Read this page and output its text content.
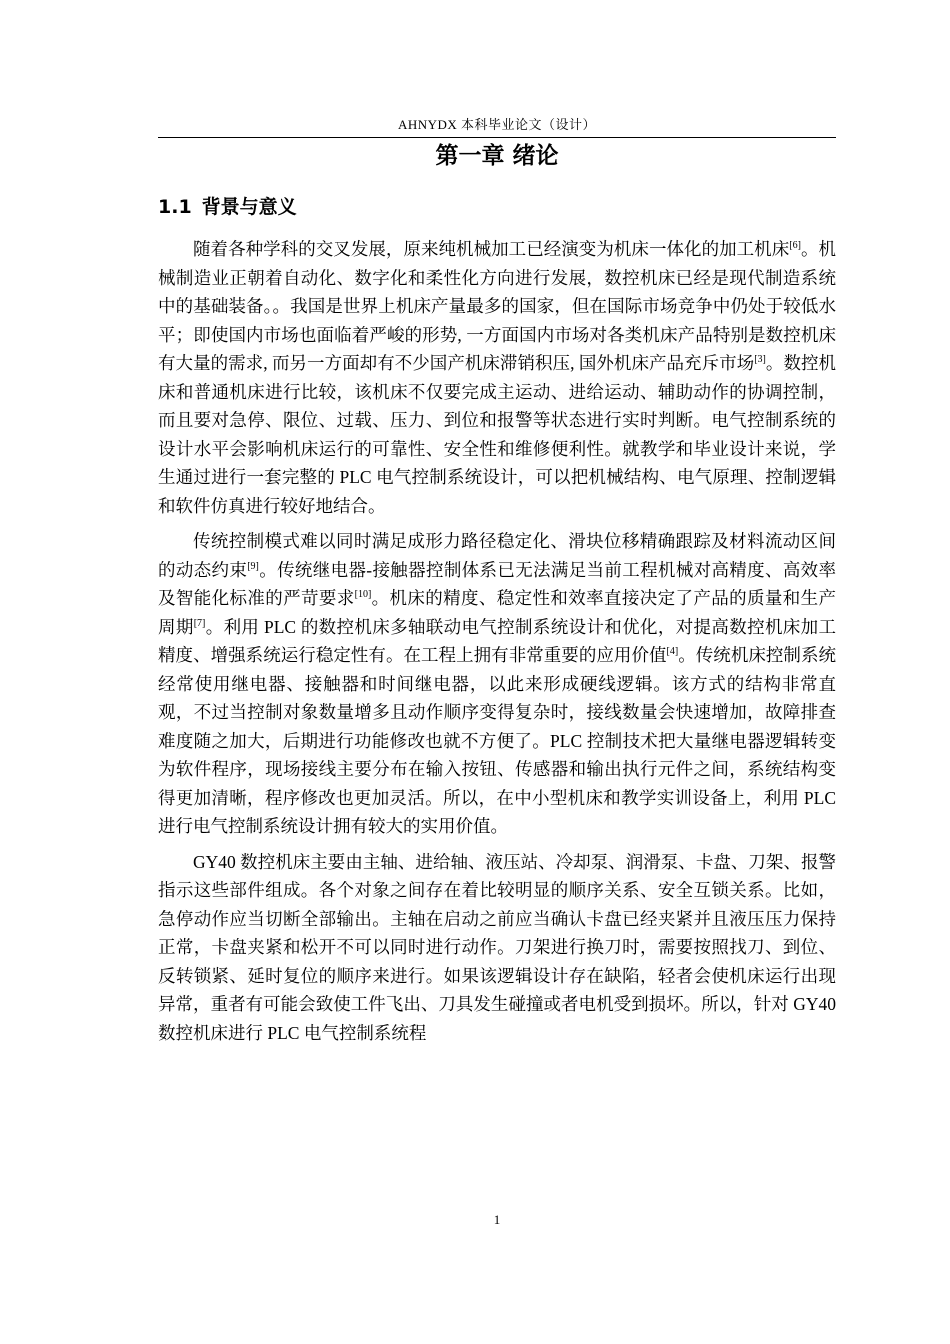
AHNYDX 本科毕业论文（设计）
第一章 绪论
1.1 背景与意义

随着各种学科的交叉发展，原来纯机械加工已经演变为机床一体化的加工机床[6]。机械制造业正朝着自动化、数字化和柔性化方向进行发展，数控机床已经是现代制造系统中的基础装备。。我国是世界上机床产量最多的国家，但在国际市场竞争中仍处于较低水平；即使国内市场也面临着严峻的形势, 一方面国内市场对各类机床产品特别是数控机床有大量的需求, 而另一方面却有不少国产机床滞销积压, 国外机床产品充斥市场[3]。数控机床和普通机床进行比较，该机床不仅要完成主运动、进给运动、辅助动作的协调控制，而且要对急停、限位、过载、压力、到位和报警等状态进行实时判断。电气控制系统的设计水平会影响机床运行的可靠性、安全性和维修便利性。就教学和毕业设计来说，学生通过进行一套完整的 PLC 电气控制系统设计，可以把机械结构、电气原理、控制逻辑和软件仿真进行较好地结合。

传统控制模式难以同时满足成形力路径稳定化、滑块位移精确跟踪及材料流动区间的动态约束[9]。传统继电器-接触器控制体系已无法满足当前工程机械对高精度、高效率及智能化标准的严苛要求[10]。机床的精度、稳定性和效率直接决定了产品的质量和生产周期[7]。利用 PLC 的数控机床多轴联动电气控制系统设计和优化，对提高数控机床加工精度、增强系统运行稳定性有。在工程上拥有非常重要的应用价值[4]。传统机床控制系统经常使用继电器、接触器和时间继电器，以此来形成硬线逻辑。该方式的结构非常直观，不过当控制对象数量增多且动作顺序变得复杂时，接线数量会快速增加，故障排查难度随之加大，后期进行功能修改也就不方便了。PLC 控制技术把大量继电器逻辑转变为软件程序，现场接线主要分布在输入按钮、传感器和输出执行元件之间，系统结构变得更加清晰，程序修改也更加灵活。所以，在中小型机床和教学实训设备上，利用 PLC 进行电气控制系统设计拥有较大的实用价值。

GY40 数控机床主要由主轴、进给轴、液压站、冷却泵、润滑泵、卡盘、刀架、报警指示这些部件组成。各个对象之间存在着比较明显的顺序关系、安全互锁关系。比如，急停动作应当切断全部输出。主轴在启动之前应当确认卡盘已经夹紧并且液压压力保持正常，卡盘夹紧和松开不可以同时进行动作。刀架进行换刀时，需要按照找刀、到位、反转锁紧、延时复位的顺序来进行。如果该逻辑设计存在缺陷，轻者会使机床运行出现异常，重者有可能会致使工件飞出、刀具发生碰撞或者电机受到损坏。所以，针对 GY40 数控机床进行 PLC 电气控制系统程

1
